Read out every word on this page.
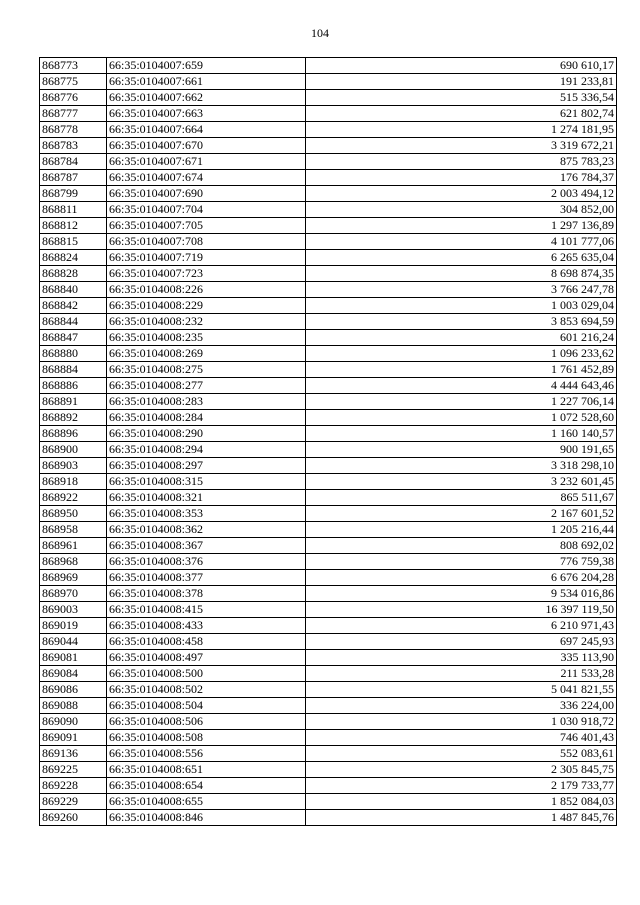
104
868773	66:35:0104007:659	690 610,17
868775	66:35:0104007:661	191 233,81
868776	66:35:0104007:662	515 336,54
868777	66:35:0104007:663	621 802,74
868778	66:35:0104007:664	1 274 181,95
868783	66:35:0104007:670	3 319 672,21
868784	66:35:0104007:671	875 783,23
868787	66:35:0104007:674	176 784,37
868799	66:35:0104007:690	2 003 494,12
868811	66:35:0104007:704	304 852,00
868812	66:35:0104007:705	1 297 136,89
868815	66:35:0104007:708	4 101 777,06
868824	66:35:0104007:719	6 265 635,04
868828	66:35:0104007:723	8 698 874,35
868840	66:35:0104008:226	3 766 247,78
868842	66:35:0104008:229	1 003 029,04
868844	66:35:0104008:232	3 853 694,59
868847	66:35:0104008:235	601 216,24
868880	66:35:0104008:269	1 096 233,62
868884	66:35:0104008:275	1 761 452,89
868886	66:35:0104008:277	4 444 643,46
868891	66:35:0104008:283	1 227 706,14
868892	66:35:0104008:284	1 072 528,60
868896	66:35:0104008:290	1 160 140,57
868900	66:35:0104008:294	900 191,65
868903	66:35:0104008:297	3 318 298,10
868918	66:35:0104008:315	3 232 601,45
868922	66:35:0104008:321	865 511,67
868950	66:35:0104008:353	2 167 601,52
868958	66:35:0104008:362	1 205 216,44
868961	66:35:0104008:367	808 692,02
868968	66:35:0104008:376	776 759,38
868969	66:35:0104008:377	6 676 204,28
868970	66:35:0104008:378	9 534 016,86
869003	66:35:0104008:415	16 397 119,50
869019	66:35:0104008:433	6 210 971,43
869044	66:35:0104008:458	697 245,93
869081	66:35:0104008:497	335 113,90
869084	66:35:0104008:500	211 533,28
869086	66:35:0104008:502	5 041 821,55
869088	66:35:0104008:504	336 224,00
869090	66:35:0104008:506	1 030 918,72
869091	66:35:0104008:508	746 401,43
869136	66:35:0104008:556	552 083,61
869225	66:35:0104008:651	2 305 845,75
869228	66:35:0104008:654	2 179 733,77
869229	66:35:0104008:655	1 852 084,03
869260	66:35:0104008:846	1 487 845,76
